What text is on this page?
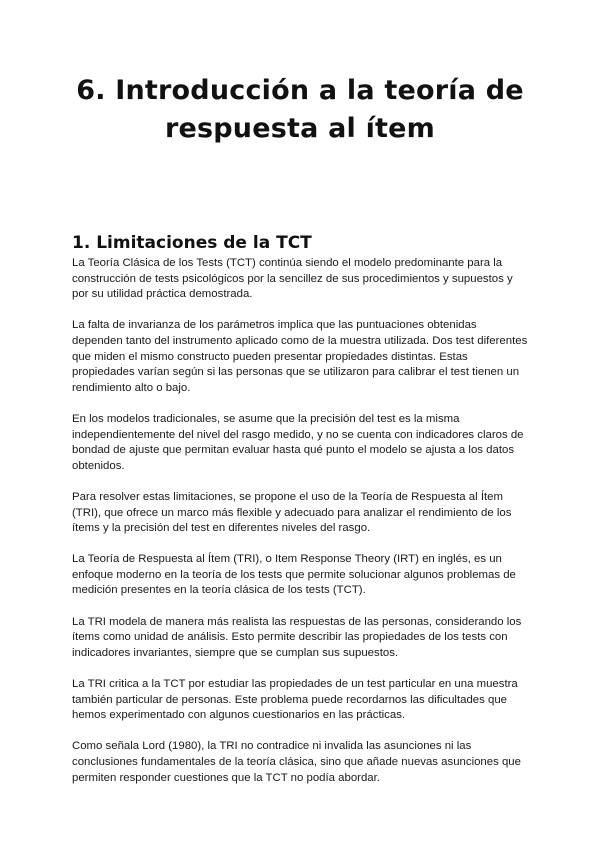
6. Introducción a la teoría de respuesta al ítem
1. Limitaciones de la TCT

La Teoría Clásica de los Tests (TCT) continúa siendo el modelo predominante para la construcción de tests psicológicos por la sencillez de sus procedimientos y supuestos y por su utilidad práctica demostrada.

La falta de invarianza de los parámetros implica que las puntuaciones obtenidas dependen tanto del instrumento aplicado como de la muestra utilizada. Dos test diferentes que miden el mismo constructo pueden presentar propiedades distintas. Estas propiedades varían según si las personas que se utilizaron para calibrar el test tienen un rendimiento alto o bajo.

En los modelos tradicionales, se asume que la precisión del test es la misma independientemente del nivel del rasgo medido, y no se cuenta con indicadores claros de bondad de ajuste que permitan evaluar hasta qué punto el modelo se ajusta a los datos obtenidos.

Para resolver estas limitaciones, se propone el uso de la Teoría de Respuesta al Ítem (TRI), que ofrece un marco más flexible y adecuado para analizar el rendimiento de los ítems y la precisión del test en diferentes niveles del rasgo.

La Teoría de Respuesta al Ítem (TRI), o Item Response Theory (IRT) en inglés, es un enfoque moderno en la teoría de los tests que permite solucionar algunos problemas de medición presentes en la teoría clásica de los tests (TCT).

La TRI modela de manera más realista las respuestas de las personas, considerando los ítems como unidad de análisis. Esto permite describir las propiedades de los tests con indicadores invariantes, siempre que se cumplan sus supuestos.

La TRI critica a la TCT por estudiar las propiedades de un test particular en una muestra también particular de personas. Este problema puede recordarnos las dificultades que hemos experimentado con algunos cuestionarios en las prácticas.

Como señala Lord (1980), la TRI no contradice ni invalida las asunciones ni las conclusiones fundamentales de la teoría clásica, sino que añade nuevas asunciones que permiten responder cuestiones que la TCT no podía abordar.
